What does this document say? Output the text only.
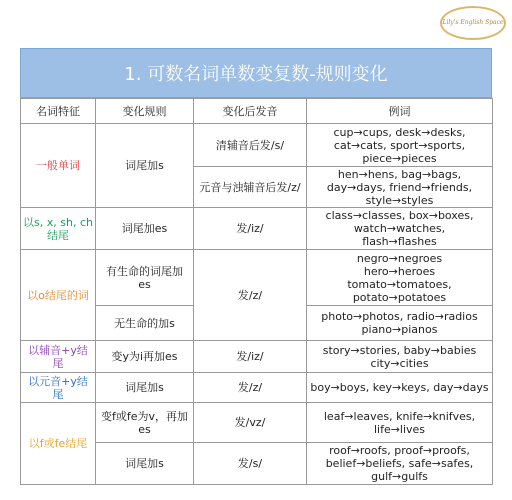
Lily's English Space
1. 可数名词单数变复数-规则变化
名词特征	变化规则	变化后发音	例词
一般单词	词尾加s	清辅音后发/s/	cup→cups, desk→desks,
cat→cats, sport→sports,
piece→pieces

		元音与浊辅音后发/z/	hen→hens, bag→bags,
day→days, friend→friends,
style→styles

以s, x, sh, ch
结尾	词尾加es	发/iz/	class→classes, box→boxes,
watch→watches,
flash→flashes

以o结尾的词	有生命的词尾加
es	发/z/	negro→negroes
hero→heroes
tomato→tomatoes,
potato→potatoes

	无生命的加s		photo→photos, radio→radios
piano→pianos

以辅音+y结尾	变y为i再加es	发/iz/	story→stories, baby→babies
city→cities

以元音+y结尾	词尾加s	发/z/	boy→boys, key→keys, day→days

以f或fe结尾	变f或fe为v，再加
es	发/vz/	leaf→leaves, knife→knifves,
life→lives

	词尾加s	发/s/	roof→roofs, proof→proofs,
belief→beliefs, safe→safes,
gulf→gulfs
